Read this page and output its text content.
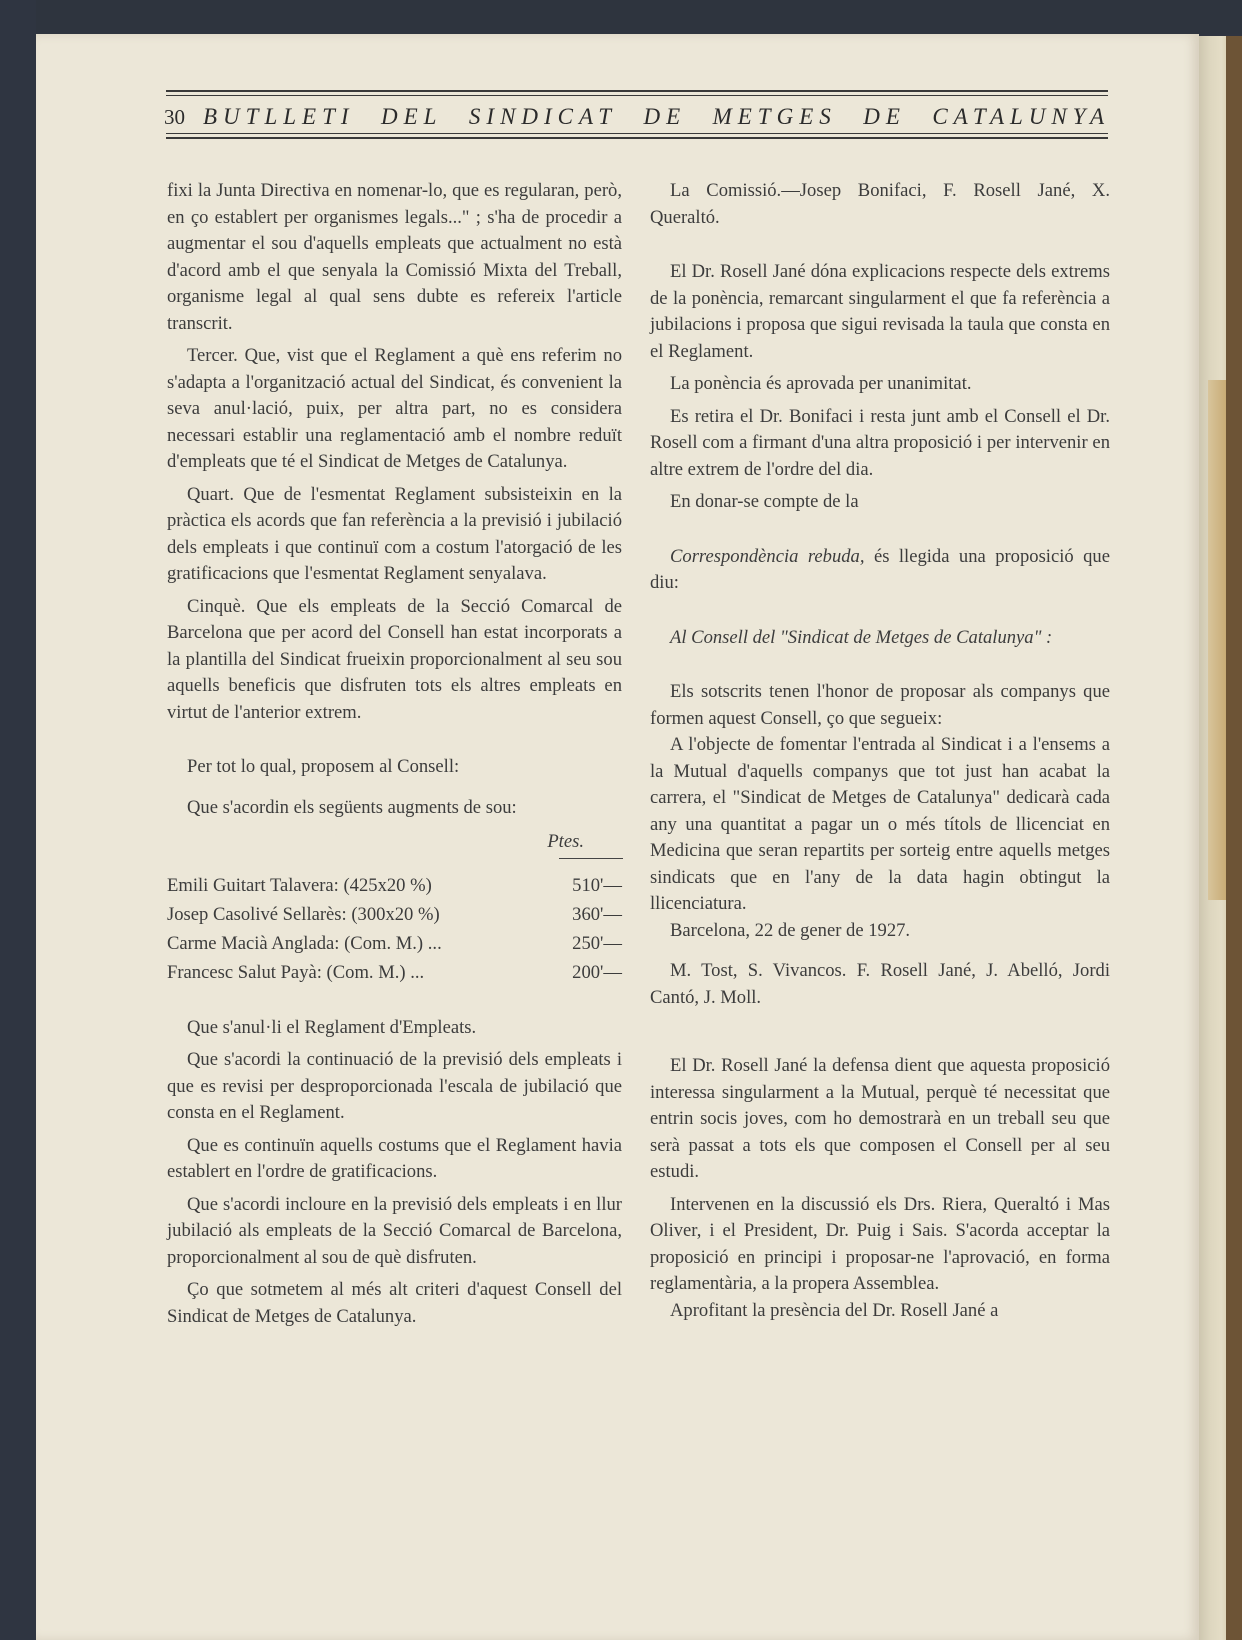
30 BUTLLETI DEL SINDICAT DE METGES DE CATALUNYA

fixi la Junta Directiva en nomenar-lo, que es regularan, però, en ço establert per organismes legals..." ; s'ha de procedir a augmentar el sou d'aquells empleats que actualment no està d'acord amb el que senyala la Comissió Mixta del Treball, organisme legal al qual sens dubte es refereix l'article transcrit.

Tercer. Que, vist que el Reglament a què ens referim no s'adapta a l'organització actual del Sindicat, és convenient la seva anul·lació, puix, per altra part, no es considera necessari establir una reglamentació amb el nombre reduït d'empleats que té el Sindicat de Metges de Catalunya.

Quart. Que de l'esmentat Reglament subsisteixin en la pràctica els acords que fan referència a la previsió i jubilació dels empleats i que continuï com a costum l'atorgació de les gratificacions que l'esmentat Reglament senyalava.

Cinquè. Que els empleats de la Secció Comarcal de Barcelona que per acord del Consell han estat incorporats a la plantilla del Sindicat frueixin proporcionalment al seu sou aquells beneficis que disfruten tots els altres empleats en virtut de l'anterior extrem.

Per tot lo qual, proposem al Consell:

Que s'acordin els següents augments de sou:

Ptes.
Emili Guitart Talavera: (425x20 %)	510'—
Josep Casolivé Sellarès: (300x20 %)	360'—
Carme Macià Anglada: (Com. M.) ...	250'—
Francesc Salut Payà: (Com. M.) ...	200'—

Que s'anul·li el Reglament d'Empleats.

Que s'acordi la continuació de la previsió dels empleats i que es revisi per desproporcionada l'escala de jubilació que consta en el Reglament.

Que es continuïn aquells costums que el Reglament havia establert en l'ordre de gratificacions.

Que s'acordi incloure en la previsió dels empleats i en llur jubilació als empleats de la Secció Comarcal de Barcelona, proporcionalment al sou de què disfruten.

Ço que sotmetem al més alt criteri d'aquest Consell del Sindicat de Metges de Catalunya.

La Comissió.—Josep Bonifaci, F. Rosell Jané, X. Queraltó.

El Dr. Rosell Jané dóna explicacions respecte dels extrems de la ponència, remarcant singularment el que fa referència a jubilacions i proposa que sigui revisada la taula que consta en el Reglament.

La ponència és aprovada per unanimitat.

Es retira el Dr. Bonifaci i resta junt amb el Consell el Dr. Rosell com a firmant d'una altra proposició i per intervenir en altre extrem de l'ordre del dia.

En donar-se compte de la

Correspondència rebuda, és llegida una proposició que diu:

Al Consell del "Sindicat de Metges de Catalunya" :

Els sotscrits tenen l'honor de proposar als companys que formen aquest Consell, ço que segueix:

A l'objecte de fomentar l'entrada al Sindicat i a l'ensems a la Mutual d'aquells companys que tot just han acabat la carrera, el "Sindicat de Metges de Catalunya" dedicarà cada any una quantitat a pagar un o més títols de llicenciat en Medicina que seran repartits per sorteig entre aquells metges sindicats que en l'any de la data hagin obtingut la llicenciatura.

Barcelona, 22 de gener de 1927.

M. Tost, S. Vivancos. F. Rosell Jané, J. Abelló, Jordi Cantó, J. Moll.

El Dr. Rosell Jané la defensa dient que aquesta proposició interessa singularment a la Mutual, perquè té necessitat que entrin socis joves, com ho demostrarà en un treball seu que serà passat a tots els que composen el Consell per al seu estudi.

Intervenen en la discussió els Drs. Riera, Queraltó i Mas Oliver, i el President, Dr. Puig i Sais. S'acorda acceptar la proposició en principi i proposar-ne l'aprovació, en forma reglamentària, a la propera Assemblea.

Aprofitant la presència del Dr. Rosell Jané a
